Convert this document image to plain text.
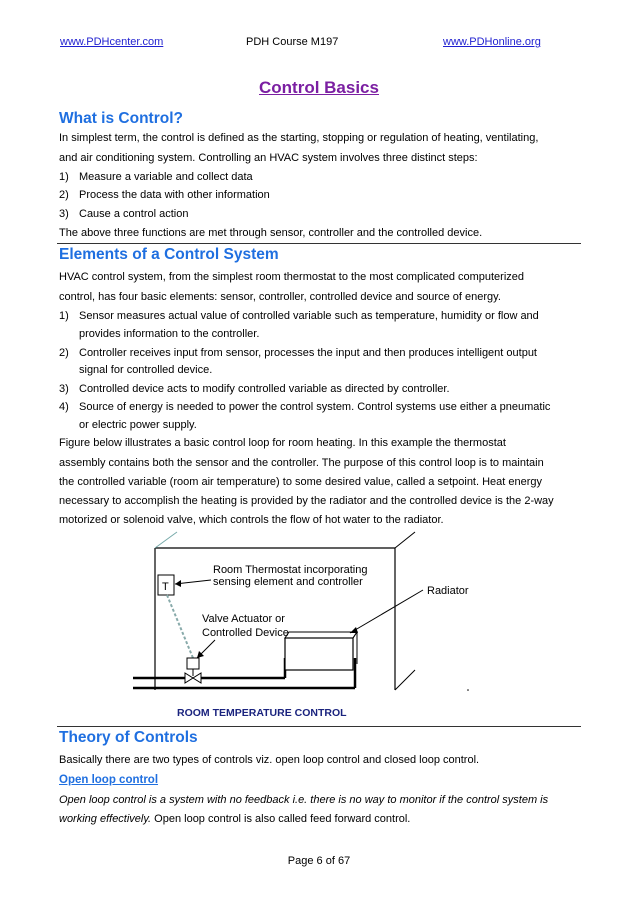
www.PDHcenter.com	PDH Course M197	www.PDHonline.org
Control Basics
What is Control?
In simplest term, the control is defined as the starting, stopping or regulation of heating, ventilating,
and air conditioning system. Controlling an HVAC system involves three distinct steps:
1) Measure a variable and collect data
2) Process the data with other information
3) Cause a control action
The above three functions are met through sensor, controller and the controlled device.
Elements of a Control System
HVAC control system, from the simplest room thermostat to the most complicated computerized
control, has four basic elements: sensor, controller, controlled device and source of energy.
1) Sensor measures actual value of controlled variable such as temperature, humidity or flow and
provides information to the controller.
2) Controller receives input from sensor, processes the input and then produces intelligent output
signal for controlled device.
3) Controlled device acts to modify controlled variable as directed by controller.
4) Source of energy is needed to power the control system. Control systems use either a pneumatic
or electric power supply.
Figure below illustrates a basic control loop for room heating. In this example the thermostat
assembly contains both the sensor and the controller. The purpose of this control loop is to maintain
the controlled variable (room air temperature) to some desired value, called a setpoint. Heat energy
necessary to accomplish the heating is provided by the radiator and the controlled device is the 2-way
motorized or solenoid valve, which controls the flow of hot water to the radiator.
T
Room Thermostat incorporating
sensing element and controller
Radiator
Valve Actuator or
Controlled Device
ROOM TEMPERATURE CONTROL
Theory of Controls
Basically there are two types of controls viz. open loop control and closed loop control.
Open loop control
Open loop control is a system with no feedback i.e. there is no way to monitor if the control system is
working effectively. Open loop control is also called feed forward control.
Page 6 of 67
